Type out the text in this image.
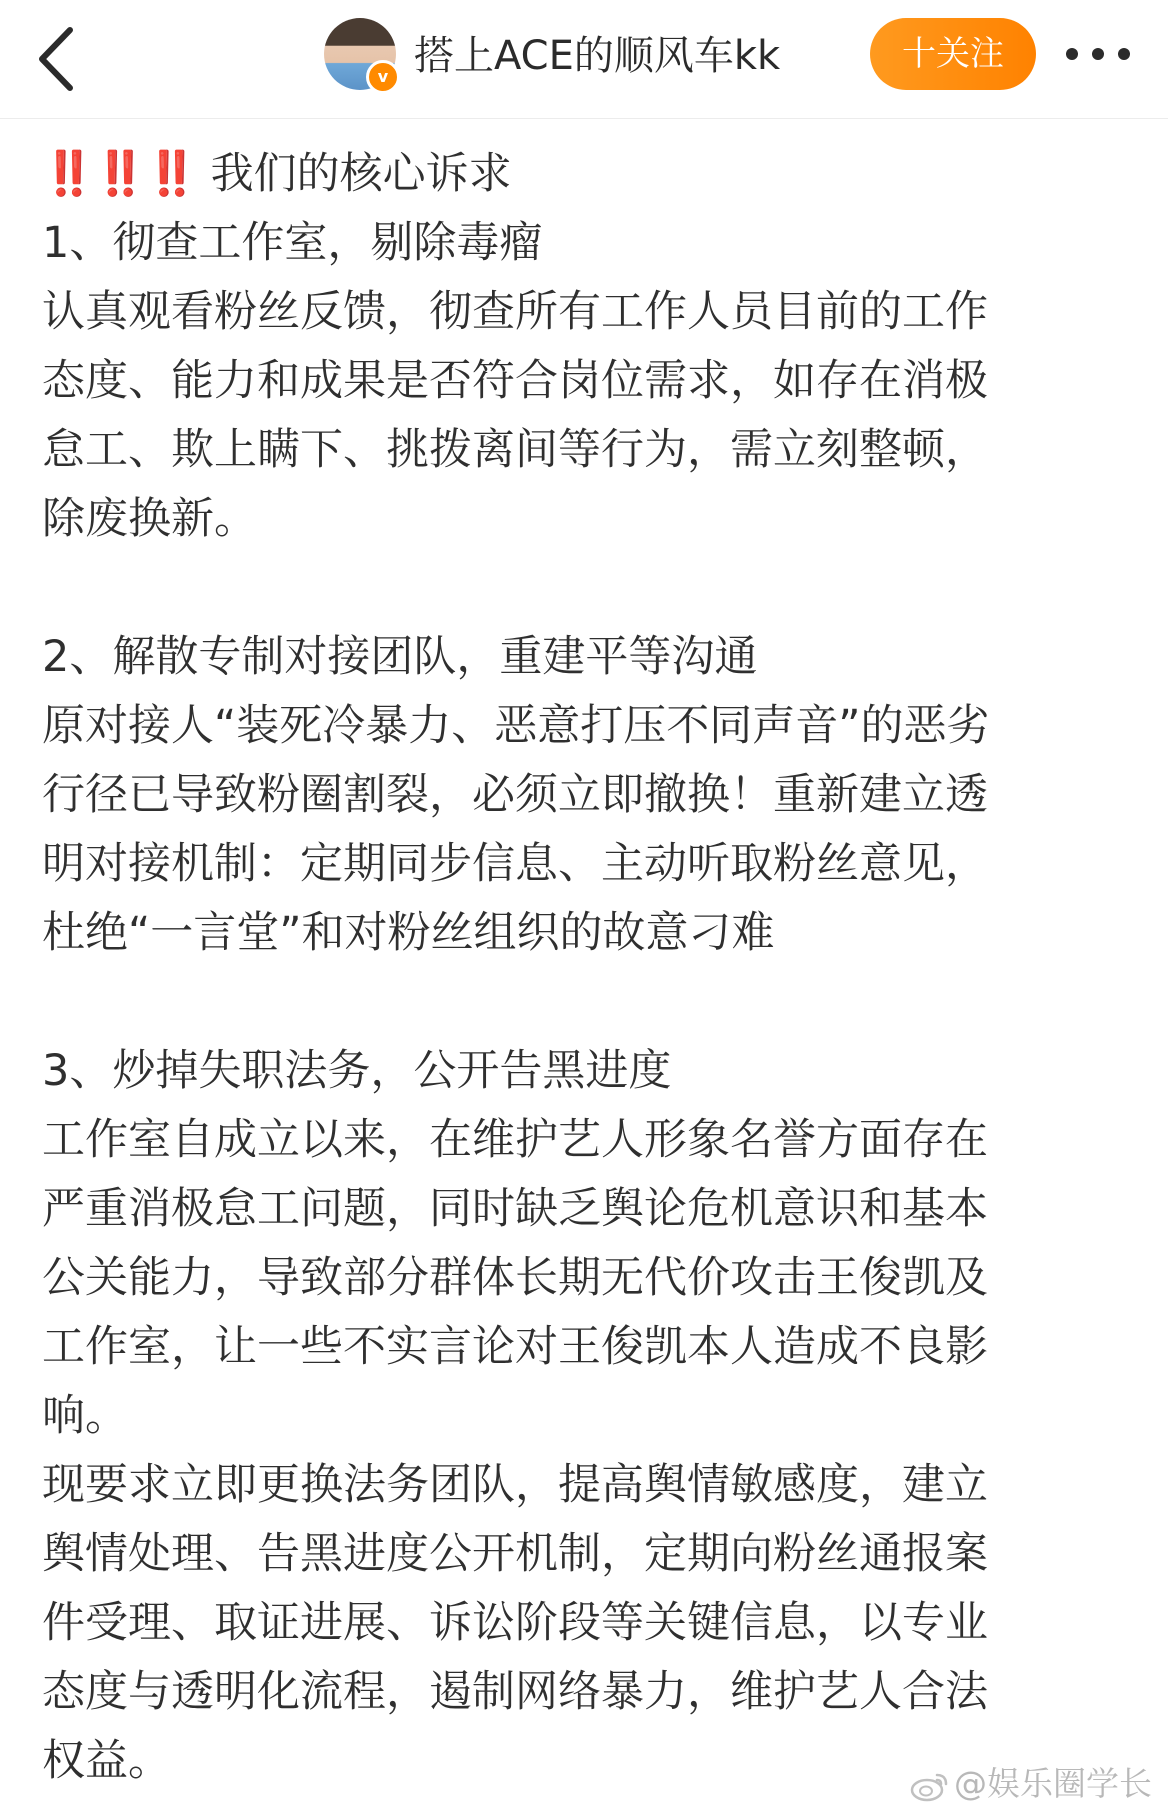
v 搭上ACE的顺风车kk	十关注
‼️‼️‼️ 我们的核心诉求
1、彻查工作室，剔除毒瘤
认真观看粉丝反馈，彻查所有工作人员目前的工作
态度、能力和成果是否符合岗位需求，如存在消极
怠工、欺上瞒下、挑拨离间等行为，需立刻整顿，
除废换新。
2、解散专制对接团队，重建平等沟通
原对接人“装死冷暴力、恶意打压不同声音”的恶劣
行径已导致粉圈割裂，必须立即撤换！重新建立透
明对接机制：定期同步信息、主动听取粉丝意见，
杜绝“一言堂”和对粉丝组织的故意刁难
3、炒掉失职法务，公开告黑进度
工作室自成立以来，在维护艺人形象名誉方面存在
严重消极怠工问题，同时缺乏舆论危机意识和基本
公关能力，导致部分群体长期无代价攻击王俊凯及
工作室，让一些不实言论对王俊凯本人造成不良影
响。
现要求立即更换法务团队，提高舆情敏感度，建立
舆情处理、告黑进度公开机制，定期向粉丝通报案
件受理、取证进展、诉讼阶段等关键信息，以专业
态度与透明化流程，遏制网络暴力，维护艺人合法
权益。	@娱乐圈学长
